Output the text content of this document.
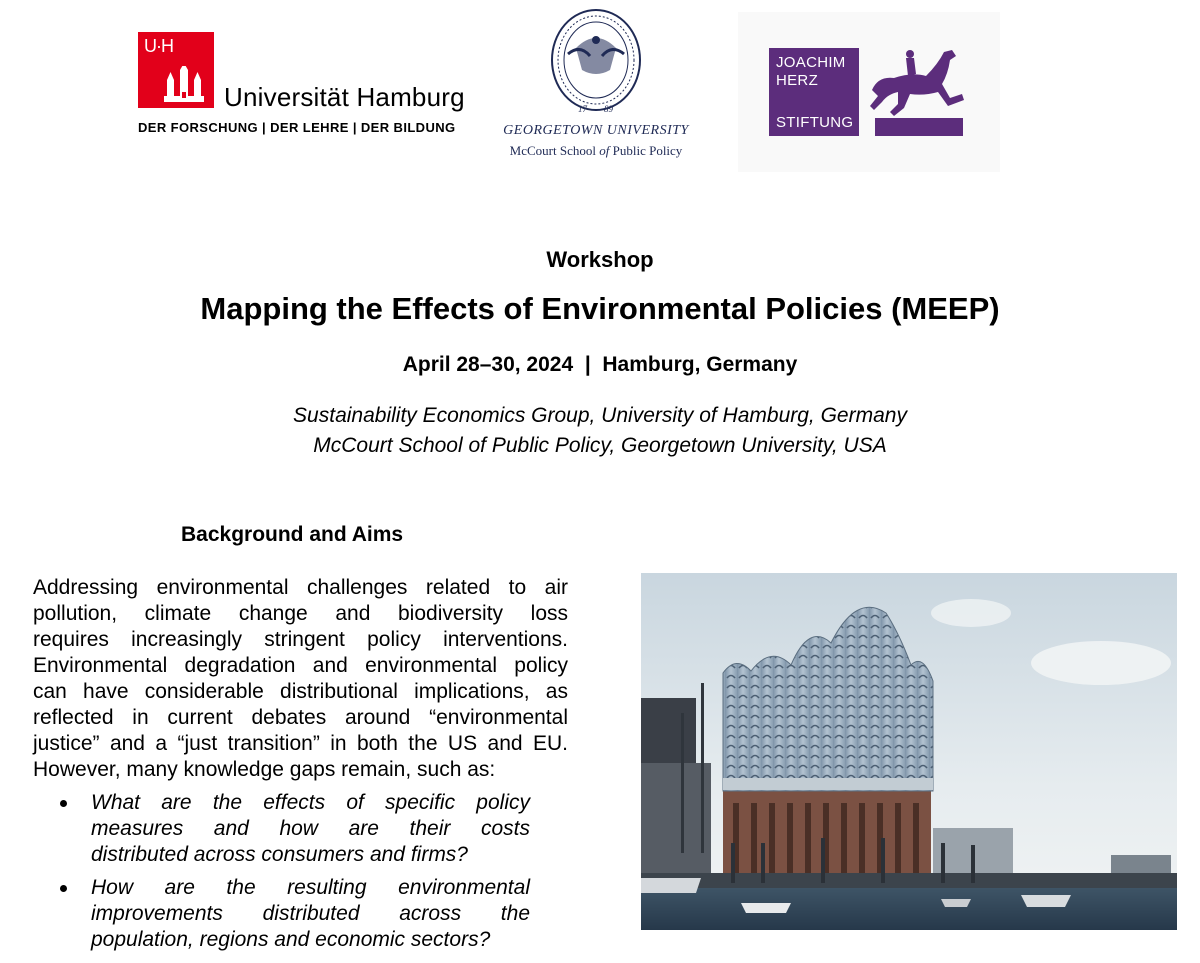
U·H
Universität Hamburg
DER FORSCHUNG | DER LEHRE | DER BILDUNG
17 89
GEORGETOWN UNIVERSITY
McCourt School of Public Policy
JOACHIM
HERZ
STIFTUNG
Workshop
Mapping the Effects of Environmental Policies (MEEP)
April 28–30, 2024 | Hamburg, Germany
Sustainability Economics Group, University of Hamburg, Germany
McCourt School of Public Policy, Georgetown University, USA
Background and Aims

Addressing environmental challenges related to air
pollution, climate change and biodiversity loss
requires increasingly stringent policy interventions.
Environmental degradation and environmental policy
can have considerable distributional implications, as
reflected in current debates around “environmental
justice” and a “just transition” in both the US and EU.
However, many knowledge gaps remain, such as:

What are the effects of specific policy
measures and how are their costs
distributed across consumers and firms?
How are the resulting environmental
improvements distributed across the
population, regions and economic sectors?
